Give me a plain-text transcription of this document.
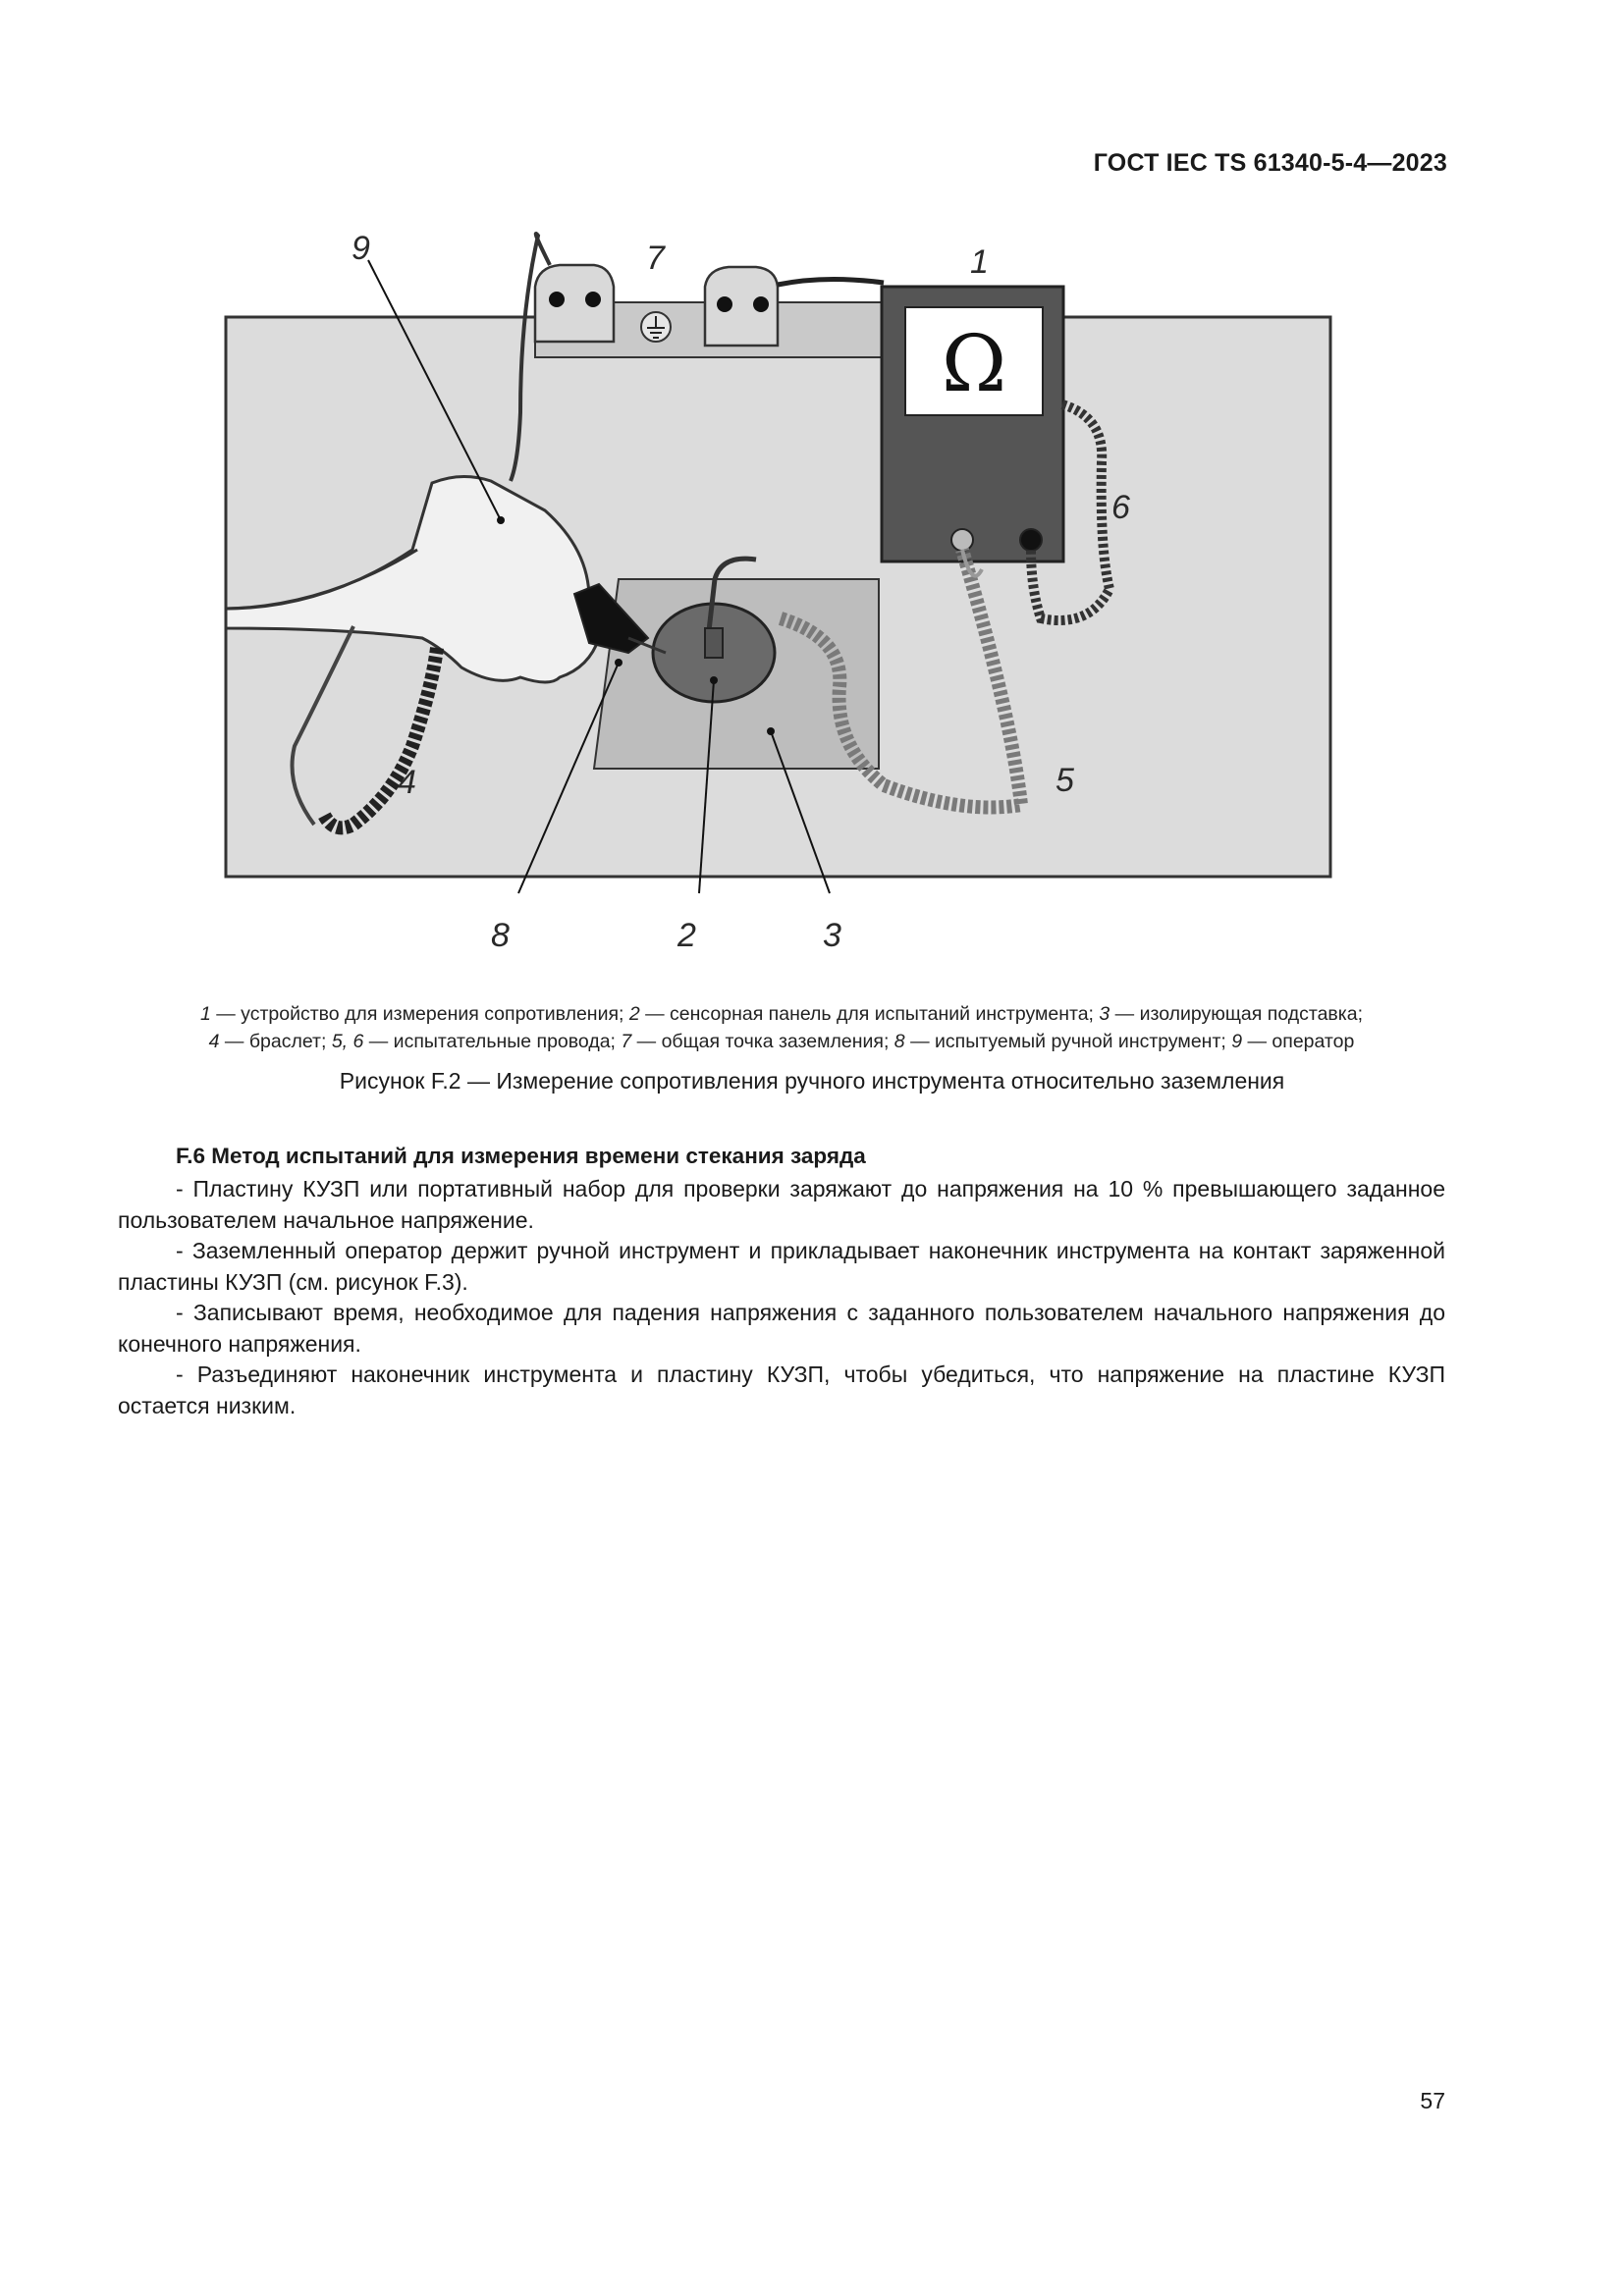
ГОСТ IEC TS 61340-5-4—2023
Ω
1
2	3
4	5
6
7
8
9
1 — устройство для измерения сопротивления; 2 — сенсорная панель для испытаний инструмента; 3 — изолирующая подставка;
4 — браслет; 5, 6 — испытательные провода; 7 — общая точка заземления; 8 — испытуемый ручной инструмент; 9 — оператор
Рисунок F.2 — Измерение сопротивления ручного инструмента относительно заземления
F.6 Метод испытаний для измерения времени стекания заряда

- Пластину КУЗП или портативный набор для проверки заряжают до напряжения на 10 % превышающего заданное пользователем начальное напряжение.

- Заземленный оператор держит ручной инструмент и прикладывает наконечник инструмента на контакт заряженной пластины КУЗП (см. рисунок F.3).

- Записывают время, необходимое для падения напряжения с заданного пользователем начального напряжения до конечного напряжения.

- Разъединяют наконечник инструмента и пластину КУЗП, чтобы убедиться, что напряжение на пластине КУЗП остается низким.

57
